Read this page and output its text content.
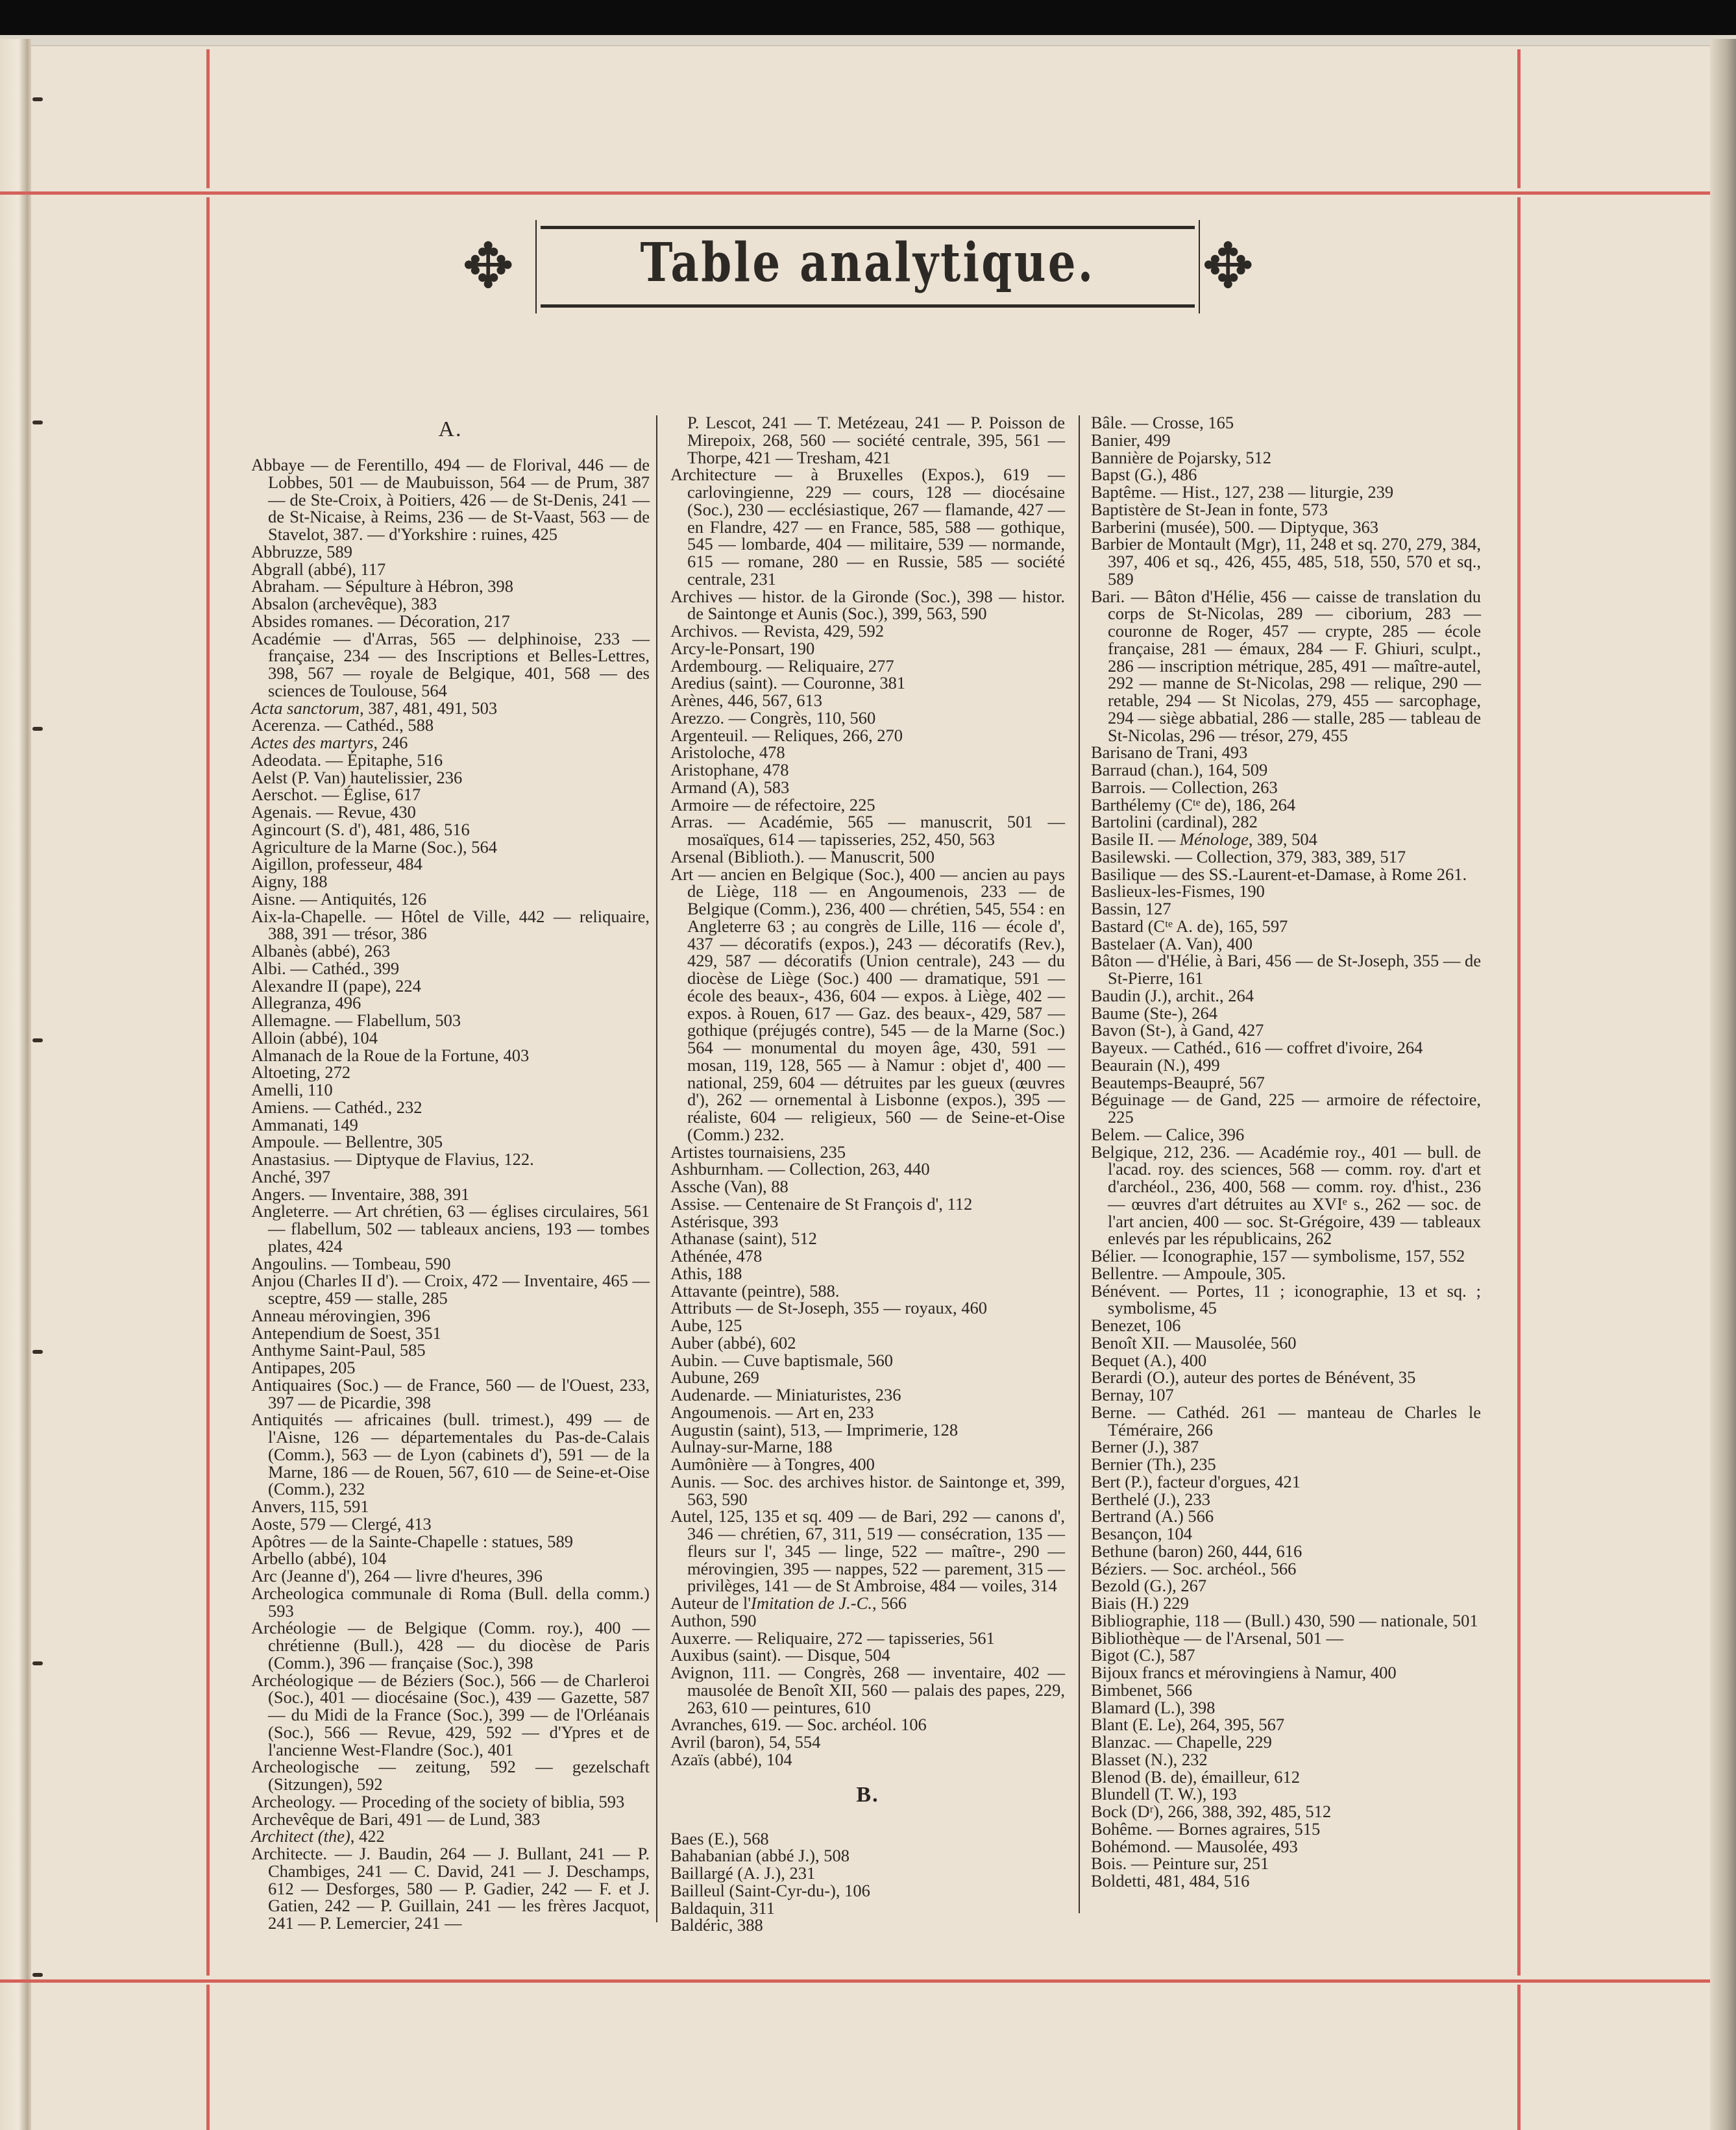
✥	Table analytique.	✥
A.
Abbaye — de Ferentillo, 494 — de Florival, 446 — de Lobbes, 501 — de Maubuisson, 564 — de Prum, 387 — de Ste-Croix, à Poitiers, 426 — de St-Denis, 241 — de St-Nicaise, à Reims, 236 — de St-Vaast, 563 — de Stavelot, 387. — d'Yorkshire : ruines, 425
Abbruzze, 589
Abgrall (abbé), 117
Abraham. — Sépulture à Hébron, 398
Absalon (archevêque), 383
Absides romanes. — Décoration, 217
Académie — d'Arras, 565 — delphinoise, 233 — française, 234 — des Inscriptions et Belles-Lettres, 398, 567 — royale de Belgique, 401, 568 — des sciences de Toulouse, 564
Acta sanctorum, 387, 481, 491, 503
Acerenza. — Cathéd., 588
Actes des martyrs, 246
Adeodata. — Épitaphe, 516
Aelst (P. Van) hautelissier, 236
Aerschot. — Église, 617
Agenais. — Revue, 430
Agincourt (S. d'), 481, 486, 516
Agriculture de la Marne (Soc.), 564
Aigillon, professeur, 484
Aigny, 188
Aisne. — Antiquités, 126
Aix-la-Chapelle. — Hôtel de Ville, 442 — reliquaire, 388, 391 — trésor, 386
Albanès (abbé), 263
Albi. — Cathéd., 399
Alexandre II (pape), 224
Allegranza, 496
Allemagne. — Flabellum, 503
Alloin (abbé), 104
Almanach de la Roue de la Fortune, 403
Altoeting, 272
Amelli, 110
Amiens. — Cathéd., 232
Ammanati, 149
Ampoule. — Bellentre, 305
Anastasius. — Diptyque de Flavius, 122.
Anché, 397
Angers. — Inventaire, 388, 391
Angleterre. — Art chrétien, 63 — églises circulaires, 561 — flabellum, 502 — tableaux anciens, 193 — tombes plates, 424
Angoulins. — Tombeau, 590
Anjou (Charles II d'). — Croix, 472 — Inventaire, 465 — sceptre, 459 — stalle, 285
Anneau mérovingien, 396
Antependium de Soest, 351
Anthyme Saint-Paul, 585
Antipapes, 205
Antiquaires (Soc.) — de France, 560 — de l'Ouest, 233, 397 — de Picardie, 398
Antiquités — africaines (bull. trimest.), 499 — de l'Aisne, 126 — départementales du Pas-de-Calais (Comm.), 563 — de Lyon (cabinets d'), 591 — de la Marne, 186 — de Rouen, 567, 610 — de Seine-et-Oise (Comm.), 232
Anvers, 115, 591
Aoste, 579 — Clergé, 413
Apôtres — de la Sainte-Chapelle : statues, 589
Arbello (abbé), 104
Arc (Jeanne d'), 264 — livre d'heures, 396
Archeologica communale di Roma (Bull. della comm.) 593
Archéologie — de Belgique (Comm. roy.), 400 — chrétienne (Bull.), 428 — du diocèse de Paris (Comm.), 396 — française (Soc.), 398
Archéologique — de Béziers (Soc.), 566 — de Charleroi (Soc.), 401 — diocésaine (Soc.), 439 — Gazette, 587 — du Midi de la France (Soc.), 399 — de l'Orléanais (Soc.), 566 — Revue, 429, 592 — d'Ypres et de l'ancienne West-Flandre (Soc.), 401
Archeologische — zeitung, 592 — gezelschaft (Sitzungen), 592
Archeology. — Proceding of the society of biblia, 593
Archevêque de Bari, 491 — de Lund, 383
Architect (the), 422
Architecte. — J. Baudin, 264 — J. Bullant, 241 — P. Chambiges, 241 — C. David, 241 — J. Deschamps, 612 — Desforges, 580 — P. Gadier, 242 — F. et J. Gatien, 242 — P. Guillain, 241 — les frères Jacquot, 241 — P. Lemercier, 241 —
P. Lescot, 241 — T. Metézeau, 241 — P. Poisson de Mirepoix, 268, 560 — société centrale, 395, 561 — Thorpe, 421 — Tresham, 421
Architecture — à Bruxelles (Expos.), 619 — carlovingienne, 229 — cours, 128 — diocésaine (Soc.), 230 — ecclésiastique, 267 — flamande, 427 — en Flandre, 427 — en France, 585, 588 — gothique, 545 — lombarde, 404 — militaire, 539 — normande, 615 — romane, 280 — en Russie, 585 — société centrale, 231
Archives — histor. de la Gironde (Soc.), 398 — histor. de Saintonge et Aunis (Soc.), 399, 563, 590
Archivos. — Revista, 429, 592
Arcy-le-Ponsart, 190
Ardembourg. — Reliquaire, 277
Aredius (saint). — Couronne, 381
Arènes, 446, 567, 613
Arezzo. — Congrès, 110, 560
Argenteuil. — Reliques, 266, 270
Aristoloche, 478
Aristophane, 478
Armand (A), 583
Armoire — de réfectoire, 225
Arras. — Académie, 565 — manuscrit, 501 — mosaïques, 614 — tapisseries, 252, 450, 563
Arsenal (Biblioth.). — Manuscrit, 500
Art — ancien en Belgique (Soc.), 400 — ancien au pays de Liège, 118 — en Angoumenois, 233 — de Belgique (Comm.), 236, 400 — chrétien, 545, 554 : en Angleterre 63 ; au congrès de Lille, 116 — école d', 437 — décoratifs (expos.), 243 — décoratifs (Rev.), 429, 587 — décoratifs (Union centrale), 243 — du diocèse de Liège (Soc.) 400 — dramatique, 591 — école des beaux-, 436, 604 — expos. à Liège, 402 — expos. à Rouen, 617 — Gaz. des beaux-, 429, 587 — gothique (préjugés contre), 545 — de la Marne (Soc.) 564 — monumental du moyen âge, 430, 591 — mosan, 119, 128, 565 — à Namur : objet d', 400 — national, 259, 604 — détruites par les gueux (œuvres d'), 262 — ornemental à Lisbonne (expos.), 395 — réaliste, 604 — religieux, 560 — de Seine-et-Oise (Comm.) 232.
Artistes tournaisiens, 235
Ashburnham. — Collection, 263, 440
Assche (Van), 88
Assise. — Centenaire de St François d', 112
Astérisque, 393
Athanase (saint), 512
Athénée, 478
Athis, 188
Attavante (peintre), 588.
Attributs — de St-Joseph, 355 — royaux, 460
Aube, 125
Auber (abbé), 602
Aubin. — Cuve baptismale, 560
Aubune, 269
Audenarde. — Miniaturistes, 236
Angoumenois. — Art en, 233
Augustin (saint), 513, — Imprimerie, 128
Aulnay-sur-Marne, 188
Aumônière — à Tongres, 400
Aunis. — Soc. des archives histor. de Saintonge et, 399, 563, 590
Autel, 125, 135 et sq. 409 — de Bari, 292 — canons d', 346 — chrétien, 67, 311, 519 — consécration, 135 — fleurs sur l', 345 — linge, 522 — maître-, 290 — mérovingien, 395 — nappes, 522 — parement, 315 — privilèges, 141 — de St Ambroise, 484 — voiles, 314
Auteur de l'Imitation de J.-C., 566
Authon, 590
Auxerre. — Reliquaire, 272 — tapisseries, 561
Auxibus (saint). — Disque, 504
Avignon, 111. — Congrès, 268 — inventaire, 402 — mausolée de Benoît XII, 560 — palais des papes, 229, 263, 610 — peintures, 610
Avranches, 619. — Soc. archéol. 106
Avril (baron), 54, 554
Azaïs (abbé), 104
B.
Baes (E.), 568
Bahabanian (abbé J.), 508
Baillargé (A. J.), 231
Bailleul (Saint-Cyr-du-), 106
Baldaquin, 311
Baldéric, 388
Bâle. — Crosse, 165
Banier, 499
Bannière de Pojarsky, 512
Bapst (G.), 486
Baptême. — Hist., 127, 238 — liturgie, 239
Baptistère de St-Jean in fonte, 573
Barberini (musée), 500. — Diptyque, 363
Barbier de Montault (Mgr), 11, 248 et sq. 270, 279, 384, 397, 406 et sq., 426, 455, 485, 518, 550, 570 et sq., 589
Bari. — Bâton d'Hélie, 456 — caisse de translation du corps de St-Nicolas, 289 — ciborium, 283 — couronne de Roger, 457 — crypte, 285 — école française, 281 — émaux, 284 — F. Ghiuri, sculpt., 286 — inscription métrique, 285, 491 — maître-autel, 292 — manne de St-Nicolas, 298 — relique, 290 — retable, 294 — St Nicolas, 279, 455 — sarcophage, 294 — siège abbatial, 286 — stalle, 285 — tableau de St-Nicolas, 296 — trésor, 279, 455
Barisano de Trani, 493
Barraud (chan.), 164, 509
Barrois. — Collection, 263
Barthélemy (Cᵗᵉ de), 186, 264
Bartolini (cardinal), 282
Basile II. — Ménologe, 389, 504
Basilewski. — Collection, 379, 383, 389, 517
Basilique — des SS.-Laurent-et-Damase, à Rome 261.
Baslieux-les-Fismes, 190
Bassin, 127
Bastard (Cᵗᵉ A. de), 165, 597
Bastelaer (A. Van), 400
Bâton — d'Hélie, à Bari, 456 — de St-Joseph, 355 — de St-Pierre, 161
Baudin (J.), archit., 264
Baume (Ste-), 264
Bavon (St-), à Gand, 427
Bayeux. — Cathéd., 616 — coffret d'ivoire, 264
Beaurain (N.), 499
Beautemps-Beaupré, 567
Béguinage — de Gand, 225 — armoire de réfectoire, 225
Belem. — Calice, 396
Belgique, 212, 236. — Académie roy., 401 — bull. de l'acad. roy. des sciences, 568 — comm. roy. d'art et d'archéol., 236, 400, 568 — comm. roy. d'hist., 236 — œuvres d'art détruites au XVIᵉ s., 262 — soc. de l'art ancien, 400 — soc. St-Grégoire, 439 — tableaux enlevés par les républicains, 262
Bélier. — Iconographie, 157 — symbolisme, 157, 552
Bellentre. — Ampoule, 305.
Bénévent. — Portes, 11 ; iconographie, 13 et sq. ; symbolisme, 45
Benezet, 106
Benoît XII. — Mausolée, 560
Bequet (A.), 400
Berardi (O.), auteur des portes de Bénévent, 35
Bernay, 107
Berne. — Cathéd. 261 — manteau de Charles le Téméraire, 266
Berner (J.), 387
Bernier (Th.), 235
Bert (P.), facteur d'orgues, 421
Berthelé (J.), 233
Bertrand (A.) 566
Besançon, 104
Bethune (baron) 260, 444, 616
Béziers. — Soc. archéol., 566
Bezold (G.), 267
Biais (H.) 229
Bibliographie, 118 — (Bull.) 430, 590 — nationale, 501
Bibliothèque — de l'Arsenal, 501 —
Bigot (C.), 587
Bijoux francs et mérovingiens à Namur, 400
Bimbenet, 566
Blamard (L.), 398
Blant (E. Le), 264, 395, 567
Blanzac. — Chapelle, 229
Blasset (N.), 232
Blenod (B. de), émailleur, 612
Blundell (T. W.), 193
Bock (Dʳ), 266, 388, 392, 485, 512
Bohême. — Bornes agraires, 515
Bohémond. — Mausolée, 493
Bois. — Peinture sur, 251
Boldetti, 481, 484, 516
